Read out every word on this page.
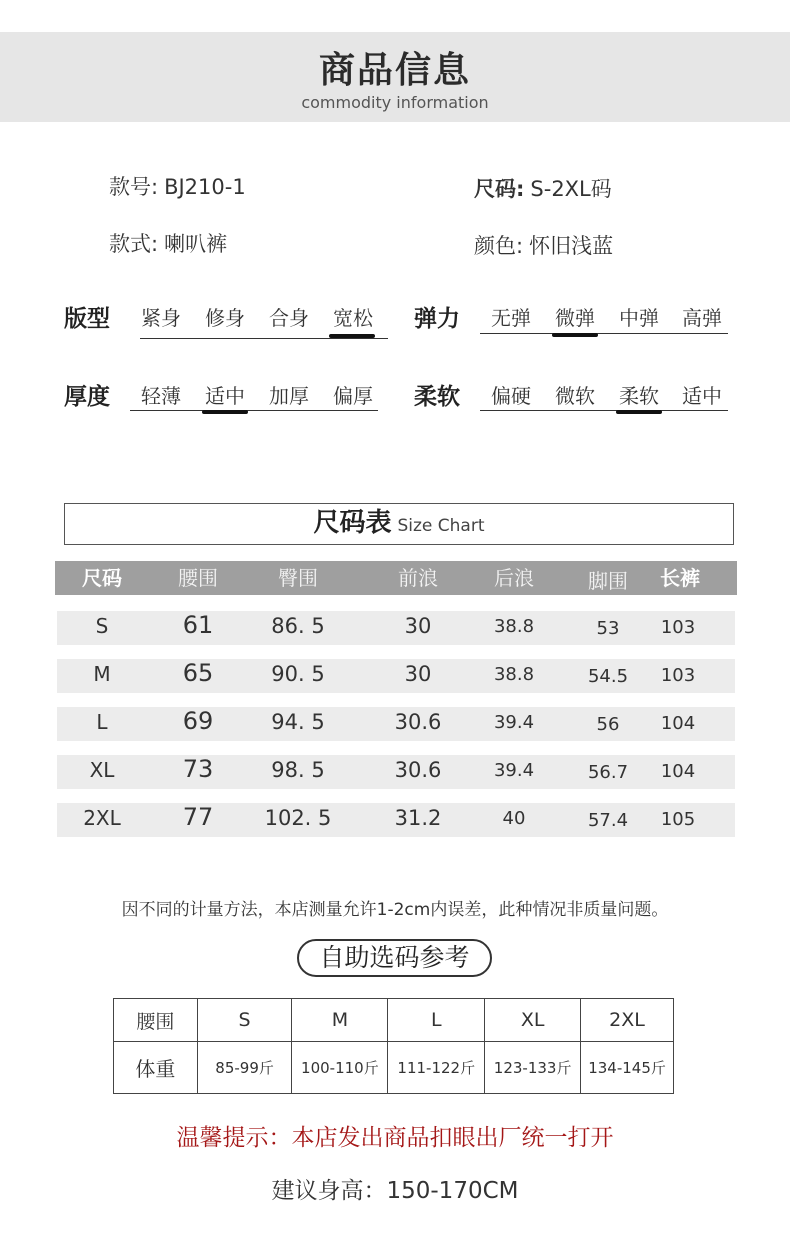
商品信息
commodity information
款号: BJ210-1	尺码: S-2XL码
款式: 喇叭裤	颜色: 怀旧浅蓝
版型 紧身 修身 合身 宽松 弹力 无弹 微弹 中弹 高弹
厚度 轻薄 适中 加厚 偏厚 柔软 偏硬 微软 柔软 适中
尺码表 Size Chart
尺码	腰围	臀围	前浪	后浪	脚围	长裤
S	61	86. 5	30	38.8	53	103
M	65	90. 5	30	38.8	54.5	103
L	69	94. 5	30.6	39.4	56	104
XL	73	98. 5	30.6	39.4	56.7	104
2XL	77	102. 5	31.2	40	57.4	105
因不同的计量方法，本店测量允许1-2cm内误差，此种情况非质量问题。
自助选码参考
腰围	S	M	L	XL	2XL
体重	85-99斤	100-110斤	111-122斤	123-133斤	134-145斤
温馨提示：本店发出商品扣眼出厂统一打开
建议身高：150-170CM
